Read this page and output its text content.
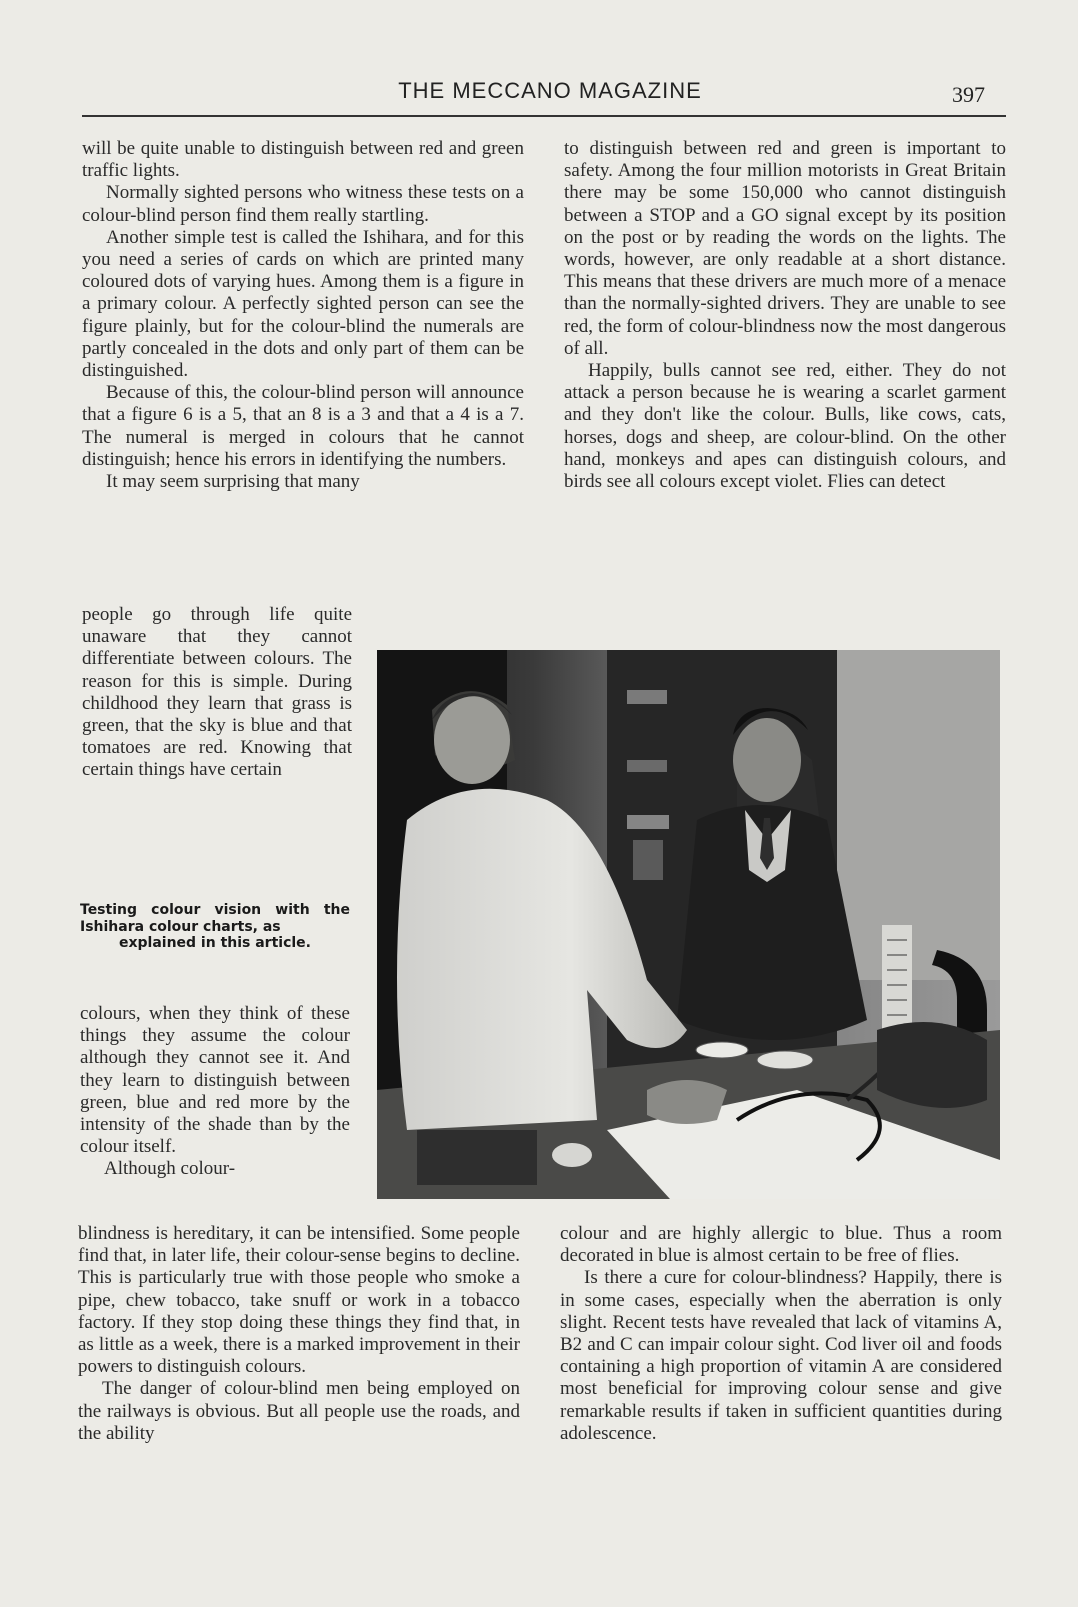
THE MECCANO MAGAZINE	397

will be quite unable to distinguish between red and green traffic lights.

Normally sighted persons who witness these tests on a colour-blind person find them really startling.

Another simple test is called the Ishihara, and for this you need a series of cards on which are printed many coloured dots of varying hues. Among them is a figure in a primary colour. A perfectly sighted person can see the figure plainly, but for the colour-blind the numerals are partly concealed in the dots and only part of them can be distinguished.

Because of this, the colour-blind person will announce that a figure 6 is a 5, that an 8 is a 3 and that a 4 is a 7. The numeral is merged in colours that he cannot distinguish; hence his errors in identifying the numbers.

It may seem surprising that many

to distinguish between red and green is important to safety. Among the four million motorists in Great Britain there may be some 150,000 who cannot distinguish between a STOP and a GO signal except by its position on the post or by reading the words on the lights. The words, however, are only readable at a short distance. This means that these drivers are much more of a menace than the normally-sighted drivers. They are unable to see red, the form of colour-blindness now the most dangerous of all.

Happily, bulls cannot see red, either. They do not attack a person because he is wearing a scarlet garment and they don't like the colour. Bulls, like cows, cats, horses, dogs and sheep, are colour-blind. On the other hand, monkeys and apes can distinguish colours, and birds see all colours except violet. Flies can detect

people go through life quite unaware that they cannot differentiate between colours. The reason for this is simple. During childhood they learn that grass is green, that the sky is blue and that tomatoes are red. Knowing that certain things have certain

Testing colour vision with the Ishihara colour charts, as
explained in this article.

colours, when they think of these things they assume the colour although they cannot see it. And they learn to distinguish between green, blue and red more by the intensity of the shade than by the colour itself.

Although colour-

blindness is hereditary, it can be intensified. Some people find that, in later life, their colour-sense begins to decline. This is particularly true with those people who smoke a pipe, chew tobacco, take snuff or work in a tobacco factory. If they stop doing these things they find that, in as little as a week, there is a marked improvement in their powers to distinguish colours.

The danger of colour-blind men being employed on the railways is obvious. But all people use the roads, and the ability

colour and are highly allergic to blue. Thus a room decorated in blue is almost certain to be free of flies.

Is there a cure for colour-blindness? Happily, there is in some cases, especially when the aberration is only slight. Recent tests have revealed that lack of vitamins A, B2 and C can impair colour sight. Cod liver oil and foods containing a high proportion of vitamin A are considered most beneficial for improving colour sense and give remarkable results if taken in sufficient quantities during adolescence.
